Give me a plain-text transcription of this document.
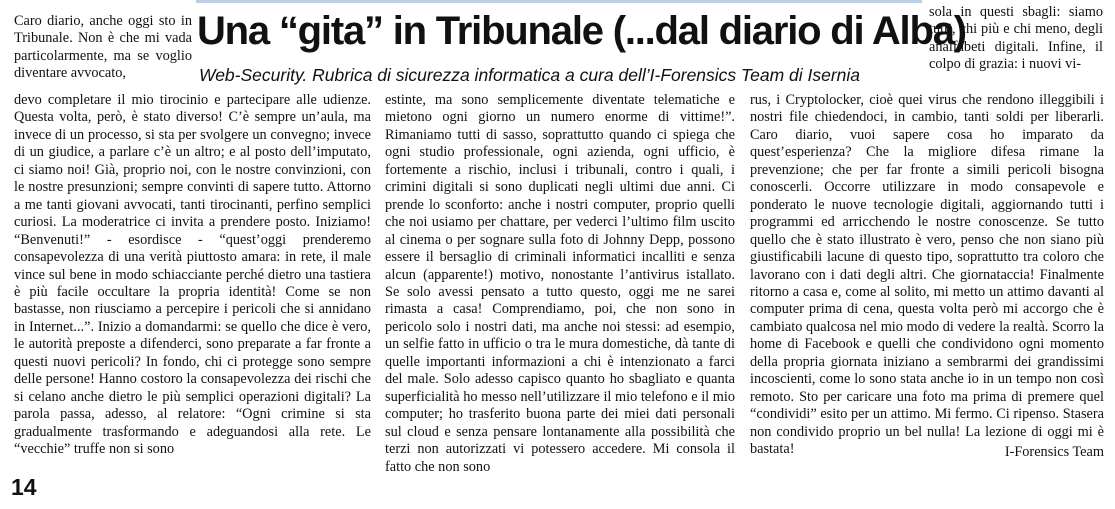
Una “gita” in Tribunale (...dal diario di Alba)

Web-Security. Rubrica di sicurezza informatica a cura dell’I-Forensics Team di Isernia

Caro diario, anche oggi sto in Tribunale. Non è che mi vada particolarmente, ma se voglio diventare avvocato,

devo completare il mio tirocinio e partecipare alle udienze. Questa volta, però, è stato diverso! C’è sempre un’aula, ma invece di un processo, si sta per svolgere un convegno; invece di un giudice, a parlare c’è un altro; e al posto dell’imputato, ci siamo noi! Già, proprio noi, con le nostre convinzioni, con le nostre presunzioni; sempre convinti di sapere tutto. Attorno a me tanti giovani avvocati, tanti tirocinanti, perfino semplici curiosi. La moderatrice ci invita a prendere posto. Iniziamo! “Benvenuti!” - esordisce - “quest’oggi prenderemo consapevolezza di una verità piuttosto amara: in rete, il male vince sul bene in modo schiacciante perché dietro una tastiera è più facile occultare la propria identità! Come se non bastasse, non riusciamo a percepire i pericoli che si annidano in Internet...”. Inizio a domandarmi: se quello che dice è vero, le autorità preposte a difenderci, sono preparate a far fronte a questi nuovi pericoli? In fondo, chi ci protegge sono sempre delle persone! Hanno costoro la consapevolezza dei rischi che si celano anche dietro le più semplici operazioni digitali? La parola passa, adesso, al relatore: “Ogni crimine si sta gradualmente trasformando e adeguandosi alla rete. Le “vecchie” truffe non si sono

estinte, ma sono semplicemente diventate telematiche e mietono ogni giorno un numero enorme di vittime!”. Rimaniamo tutti di sasso, soprattutto quando ci spiega che ogni studio professionale, ogni azienda, ogni ufficio, è fortemente a rischio, inclusi i tribunali, contro i quali, i crimini digitali si sono duplicati negli ultimi due anni. Ci prende lo sconforto: anche i nostri computer, proprio quelli che noi usiamo per chattare, per vederci l’ultimo film uscito al cinema o per sognare sulla foto di Johnny Depp, possono essere il bersaglio di criminali informatici incalliti e senza alcun (apparente!) motivo, nonostante l’antivirus istallato. Se solo avessi pensato a tutto questo, oggi me ne sarei rimasta a casa! Comprendiamo, poi, che non sono in pericolo solo i nostri dati, ma anche noi stessi: ad esempio, un selfie fatto in ufficio o tra le mura domestiche, dà tante di quelle importanti informazioni a chi è intenzionato a farci del male. Solo adesso capisco quanto ho sbagliato e quanta superficialità ho messo nell’utilizzare il mio telefono e il mio computer; ho trasferito buona parte dei miei dati personali sul cloud e senza pensare lontanamente alla possibilità che terzi non autorizzati vi potessero accedere. Mi consola il fatto che non sono

sola in questi sbagli: siamo tutti, chi più e chi meno, degli analfabeti digitali. Infine, il colpo di grazia: i nuovi vi-

rus, i Cryptolocker, cioè quei virus che rendono illeggibili i nostri file chiedendoci, in cambio, tanti soldi per liberarli. Caro diario, vuoi sapere cosa ho imparato da quest’esperienza? Che la migliore difesa rimane la prevenzione; che per far fronte a simili pericoli bisogna conoscerli. Occorre utilizzare in modo consapevole e ponderato le nuove tecnologie digitali, aggiornando tutti i programmi ed arricchendo le nostre conoscenze. Se tutto quello che è stato illustrato è vero, penso che non siano più giustificabili lacune di questo tipo, soprattutto tra coloro che lavorano con i dati degli altri. Che giornataccia! Finalmente ritorno a casa e, come al solito, mi metto un attimo davanti al computer prima di cena, questa volta però mi accorgo che è cambiato qualcosa nel mio modo di vedere la realtà. Scorro la home di Facebook e quelli che condividono ogni momento della propria giornata iniziano a sembrarmi dei grandissimi incoscienti, come lo sono stata anche io in un tempo non così remoto. Sto per caricare una foto ma prima di premere quel “condividi” esito per un attimo. Mi fermo. Ci ripenso. Stasera non condivido proprio un bel nulla! La lezione di oggi mi è bastata!	I-Forensics Team

14
